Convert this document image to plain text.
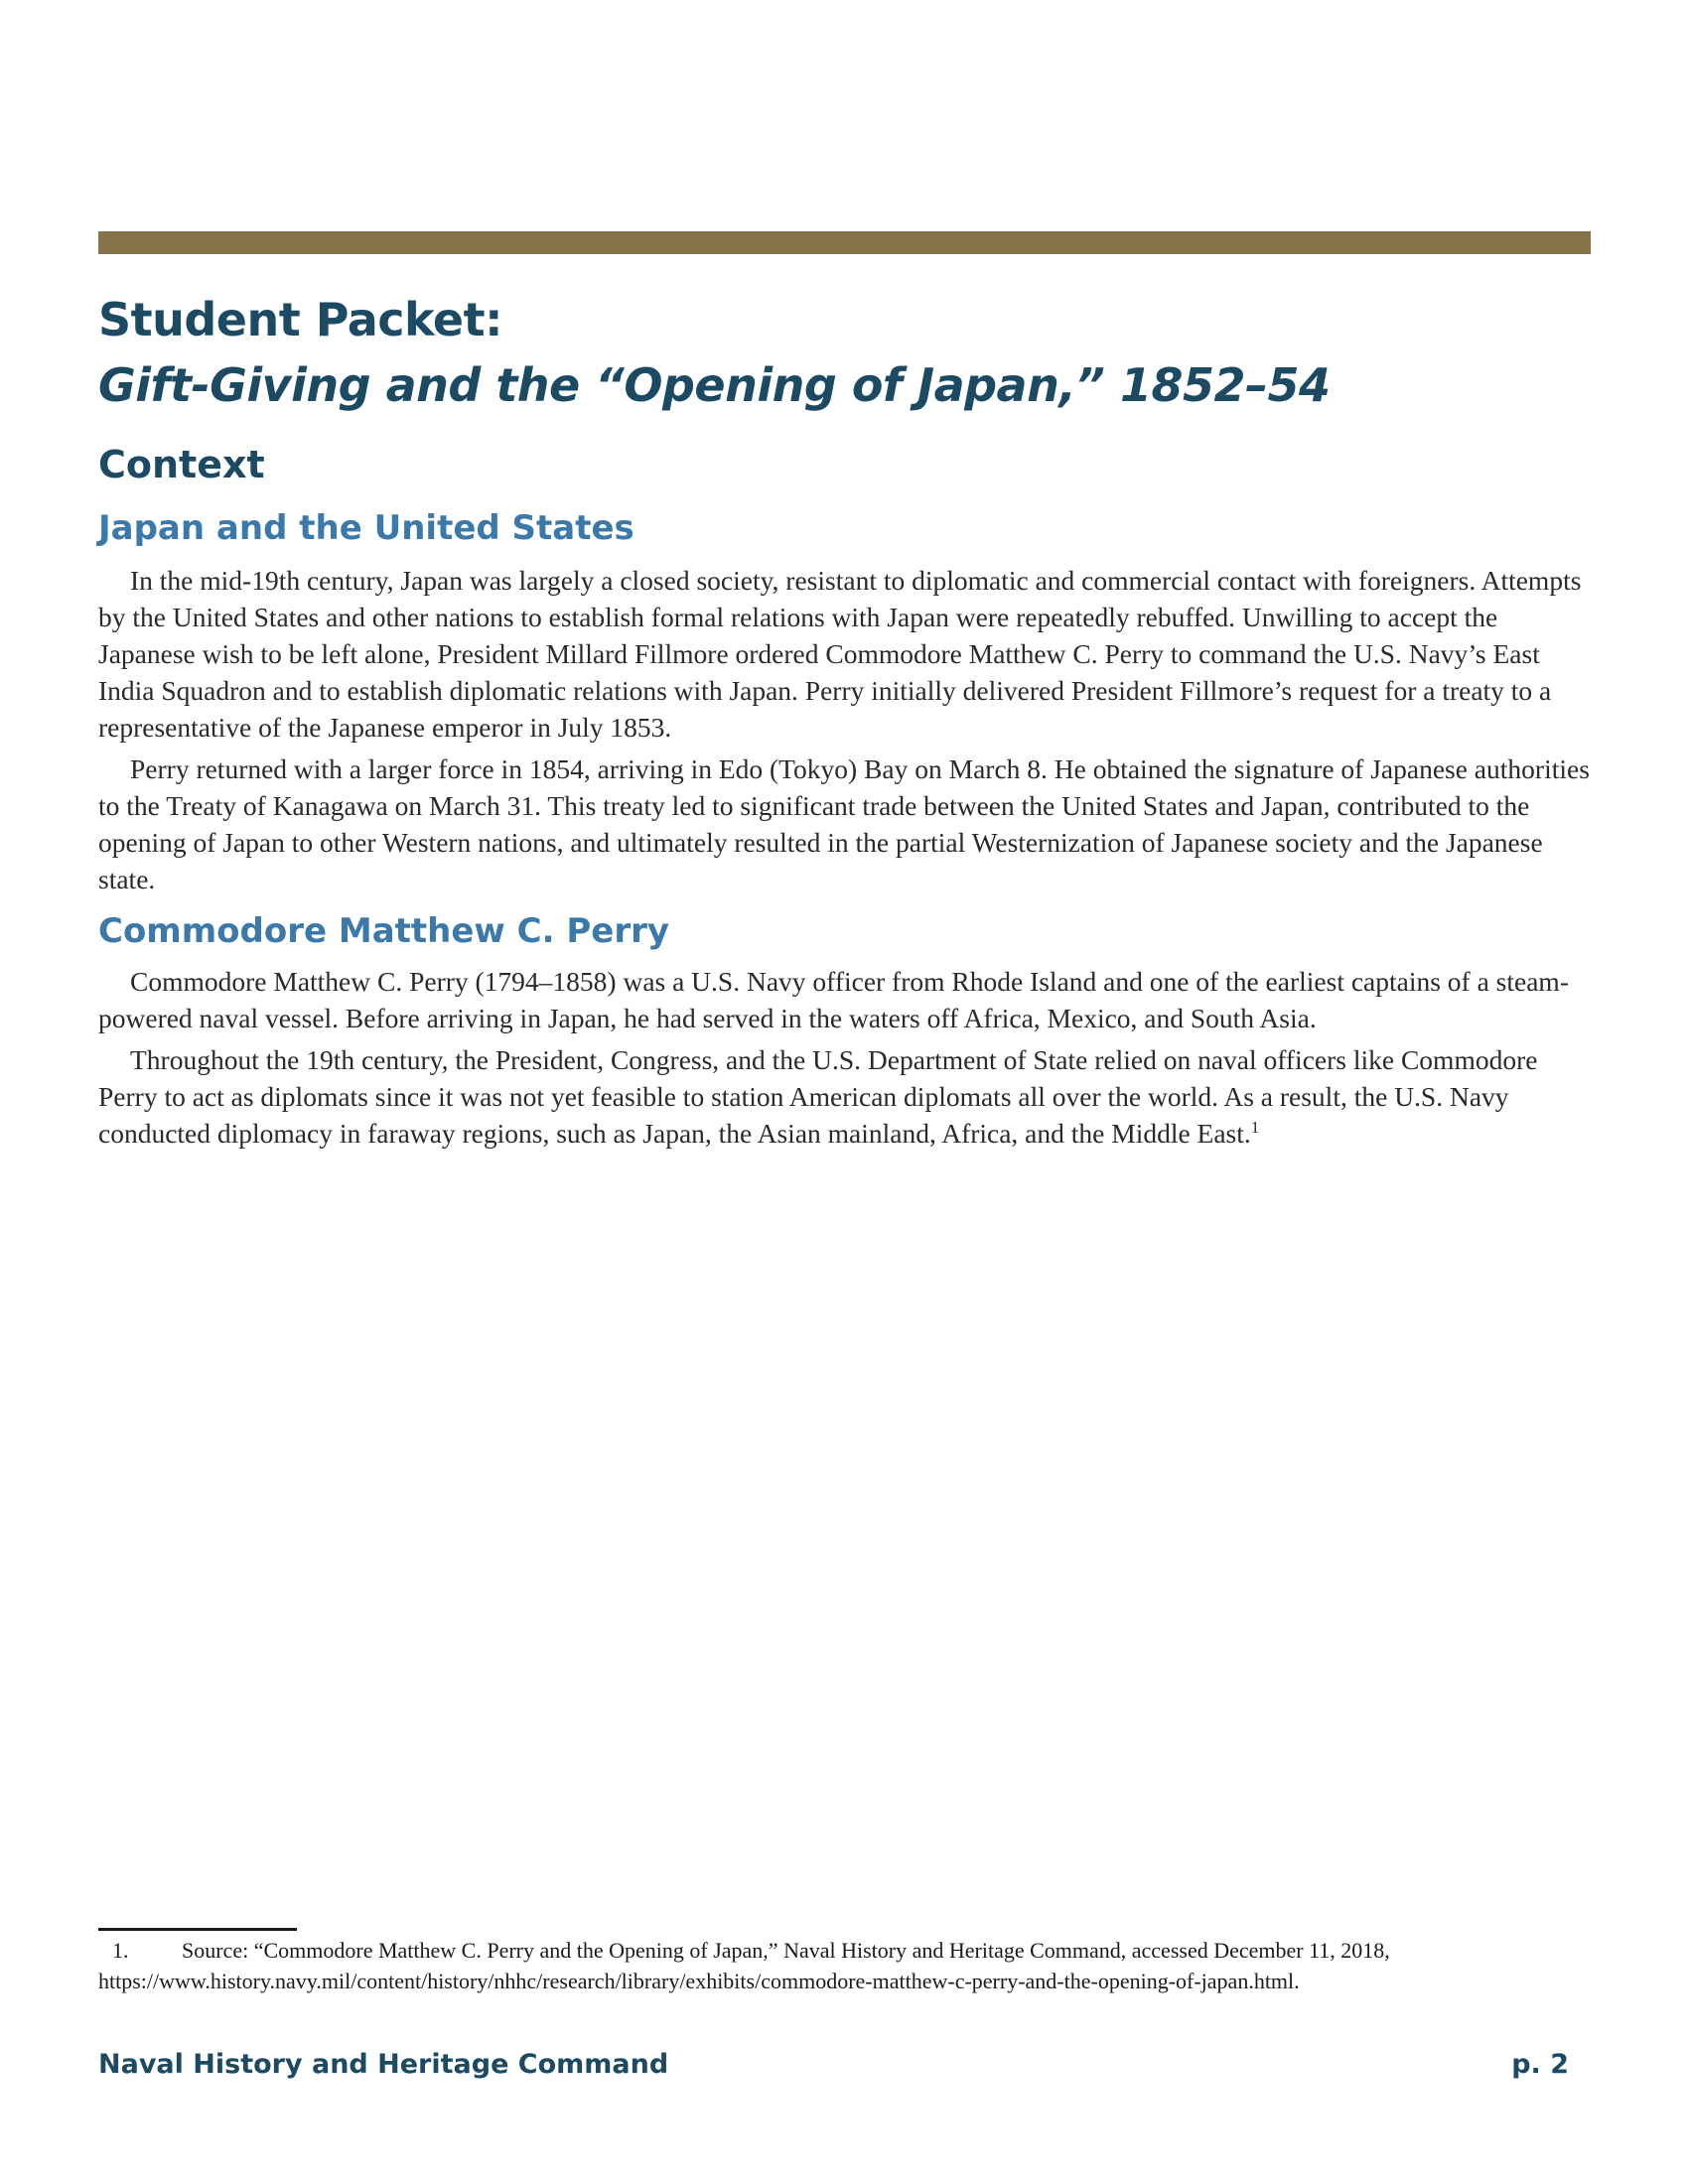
Student Packet:
Gift-Giving and the “Opening of Japan,” 1852–54
Context
Japan and the United States

In the mid-19th century, Japan was largely a closed society, resistant to diplomatic and commercial contact with foreigners. Attempts by the United States and other nations to establish formal relations with Japan were repeatedly rebuffed. Unwilling to accept the Japanese wish to be left alone, President Millard Fillmore ordered Commodore Matthew C. Perry to command the U.S. Navy’s East India Squadron and to establish diplomatic relations with Japan. Perry initially delivered President Fillmore’s request for a treaty to a representative of the Japanese emperor in July 1853.

Perry returned with a larger force in 1854, arriving in Edo (Tokyo) Bay on March 8. He obtained the signature of Japanese authorities to the Treaty of Kanagawa on March 31. This treaty led to significant trade between the United States and Japan, contributed to the opening of Japan to other Western nations, and ultimately resulted in the partial Westernization of Japanese society and the Japanese state.

Commodore Matthew C. Perry

Commodore Matthew C. Perry (1794–1858) was a U.S. Navy officer from Rhode Island and one of the earliest captains of a steam-powered naval vessel. Before arriving in Japan, he had served in the waters off Africa, Mexico, and South Asia.

Throughout the 19th century, the President, Congress, and the U.S. Department of State relied on naval officers like Commodore Perry to act as diplomats since it was not yet feasible to station American diplomats all over the world. As a result, the U.S. Navy conducted diplomacy in faraway regions, such as Japan, the Asian mainland, Africa, and the Middle East.$^1$

1. Source: “Commodore Matthew C. Perry and the Opening of Japan,” Naval History and Heritage Command, accessed December 11, 2018, https://www.history.navy.mil/content/history/nhhc/research/library/exhibits/commodore-matthew-c-perry-and-the-opening-of-japan.html.

Naval History and Heritage Command	p. 2
